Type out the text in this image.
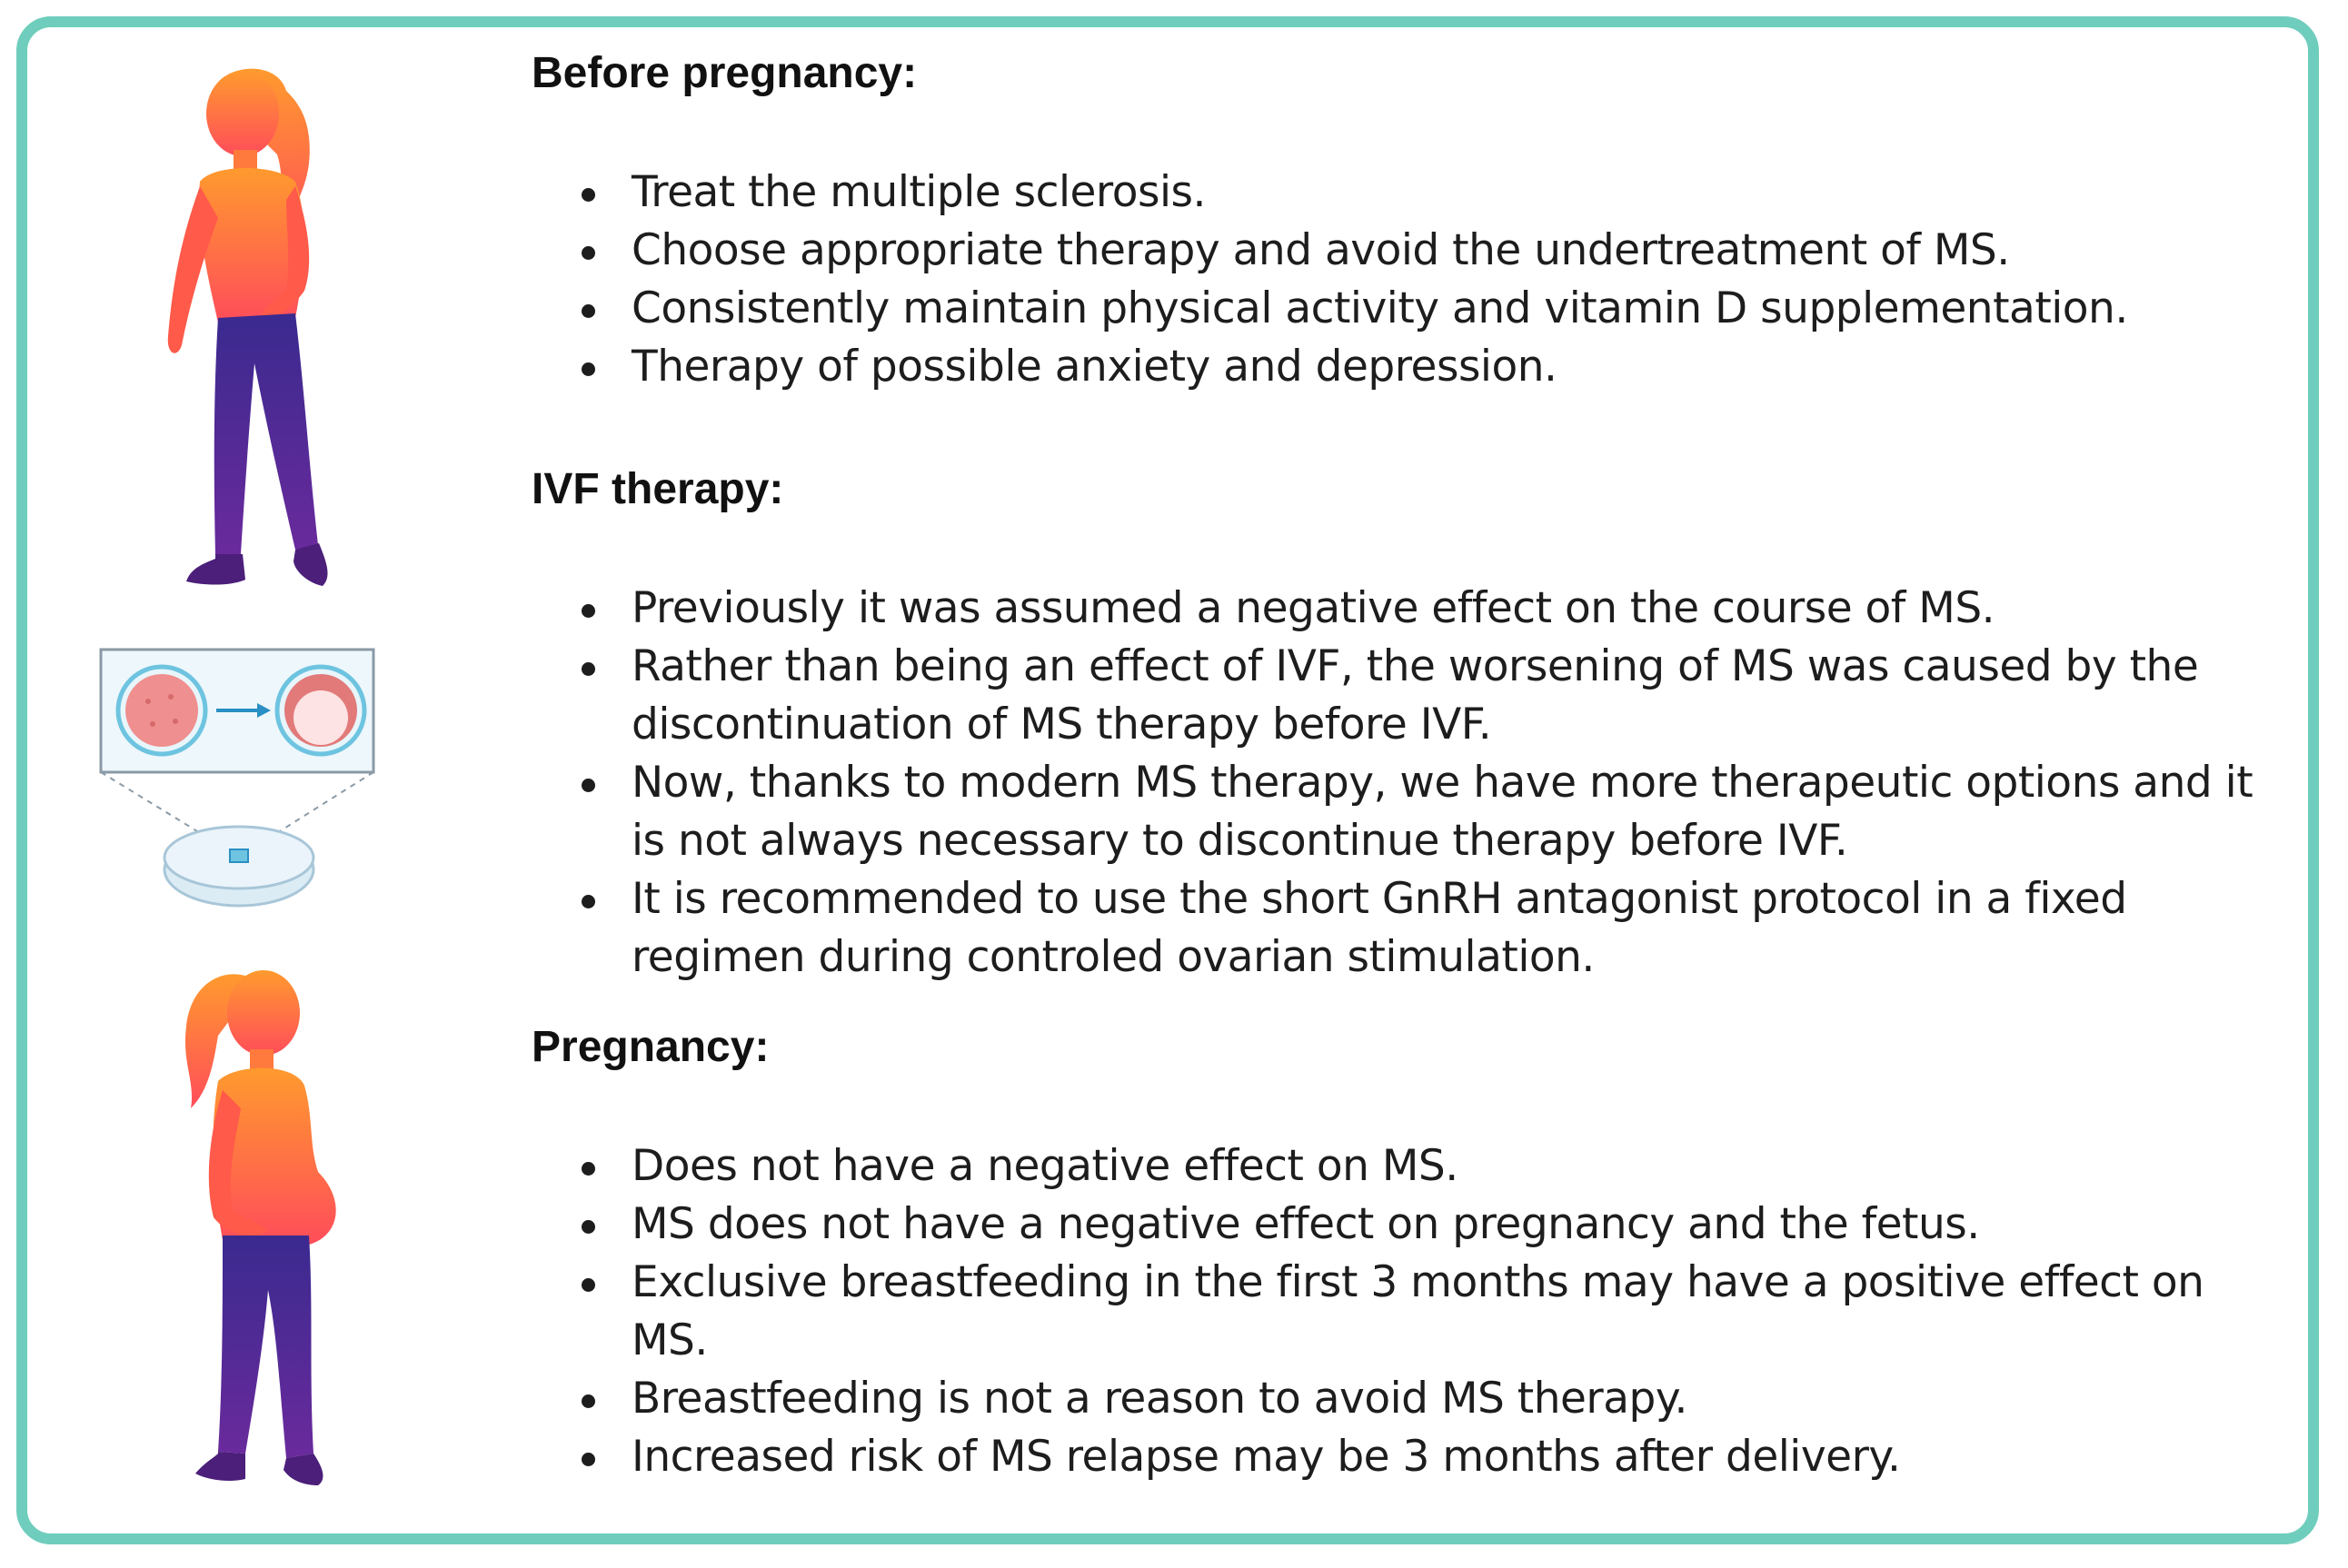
Before pregnancy:
Treat the multiple sclerosis.
Choose appropriate therapy and avoid the undertreatment of MS.
Consistently maintain physical activity and vitamin D supplementation.
Therapy of possible anxiety and depression.
IVF therapy:
Previously it was assumed a negative effect on the course of MS.
Rather than being an effect of IVF, the worsening of MS was caused by the discontinuation of MS therapy before IVF.
Now, thanks to modern MS therapy, we have more therapeutic options and it is not always necessary to discontinue therapy before IVF.
It is recommended to use the short GnRH antagonist protocol in a fixed regimen during controled ovarian stimulation.
Pregnancy:
Does not have a negative effect on MS.
MS does not have a negative effect on pregnancy and the fetus.
Exclusive breastfeeding in the first 3 months may have a positive effect on MS.
Breastfeeding is not a reason to avoid MS therapy.
Increased risk of MS relapse may be 3 months after delivery.
